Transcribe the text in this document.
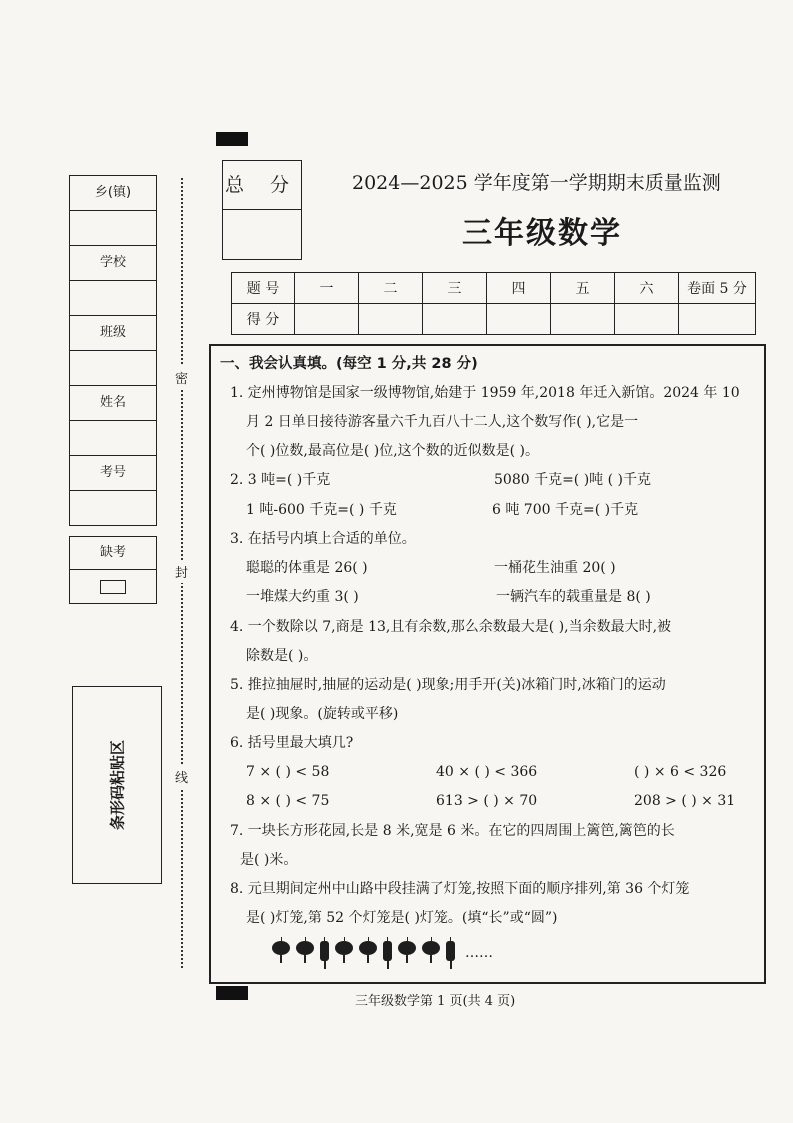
乡(镇)
学校
班级
姓名
考号
缺考
条形码粘贴区
密
封
线
总 分	2024—2025 学年度第一学期期末质量监测
三年级数学
题 号	一	二	三	四	五	六	卷面 5 分
得 分							
一、我会认真填。(每空 1 分,共 28 分)
1. 定州博物馆是国家一级博物馆,始建于 1959 年,2018 年迁入新馆。2024 年 10
月 2 日单日接待游客量六千九百八十二人,这个数写作( ),它是一
个( )位数,最高位是( )位,这个数的近似数是( )。
2. 3 吨=( )千克	5080 千克=( )吨 ( )千克
1 吨-600 千克=( ) 千克	6 吨 700 千克=( )千克
3. 在括号内填上合适的单位。
聪聪的体重是 26( )	一桶花生油重 20( )
一堆煤大约重 3( )	一辆汽车的载重量是 8( )
4. 一个数除以 7,商是 13,且有余数,那么余数最大是( ),当余数最大时,被
除数是( )。
5. 推拉抽屉时,抽屉的运动是( )现象;用手开(关)冰箱门时,冰箱门的运动
是( )现象。(旋转或平移)
6. 括号里最大填几?
7 × ( ) < 58	40 × ( ) < 366	( ) × 6 < 326
8 × ( ) < 75	613 > ( ) × 70	208 > ( ) × 31
7. 一块长方形花园,长是 8 米,宽是 6 米。在它的四周围上篱笆,篱笆的长
是( )米。
8. 元旦期间定州中山路中段挂满了灯笼,按照下面的顺序排列,第 36 个灯笼
是( )灯笼,第 52 个灯笼是( )灯笼。(填“长”或“圆”)
……
三年级数学第 1 页(共 4 页)
